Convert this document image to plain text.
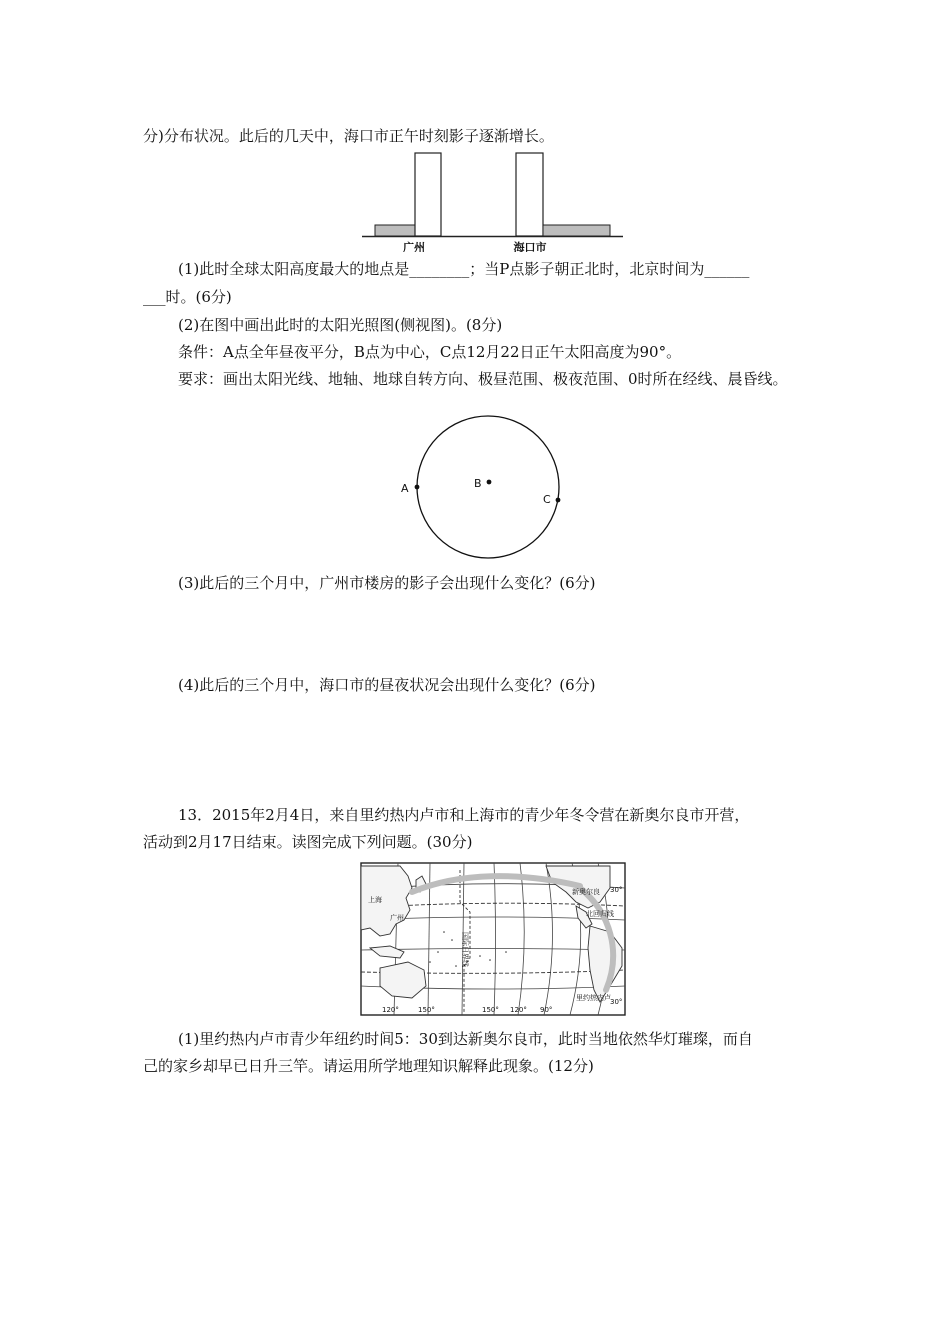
分)分布状况。此后的几天中，海口市正午时刻影子逐渐增长。
广州	海口市
(1)此时全球太阳高度最大的地点是________；当P点影子朝正北时，北京时间为______
___时。(6分)
(2)在图中画出此时的太阳光照图(侧视图)。(8分)
条件：A点全年昼夜平分，B点为中心，C点12月22日正午太阳高度为90°。
要求：画出太阳光线、地轴、地球自转方向、极昼范围、极夜范围、0时所在经线、晨昏线。
A	B
C
(3)此后的三个月中，广州市楼房的影子会出现什么变化？(6分)
(4)此后的三个月中，海口市的昼夜状况会出现什么变化？(6分)
13．2015年2月4日，来自里约热内卢市和上海市的青少年冬令营在新奥尔良市开营，
活动到2月17日结束。读图完成下列问题。(30分)
新奥尔良
北回归线
上海
广州
国际日界线
里约热内卢
30°
30°
120°	150°	150° 120° 90°
(1)里约热内卢市青少年纽约时间5：30到达新奥尔良市，此时当地依然华灯璀璨，而自
己的家乡却早已日升三竿。请运用所学地理知识解释此现象。(12分)
